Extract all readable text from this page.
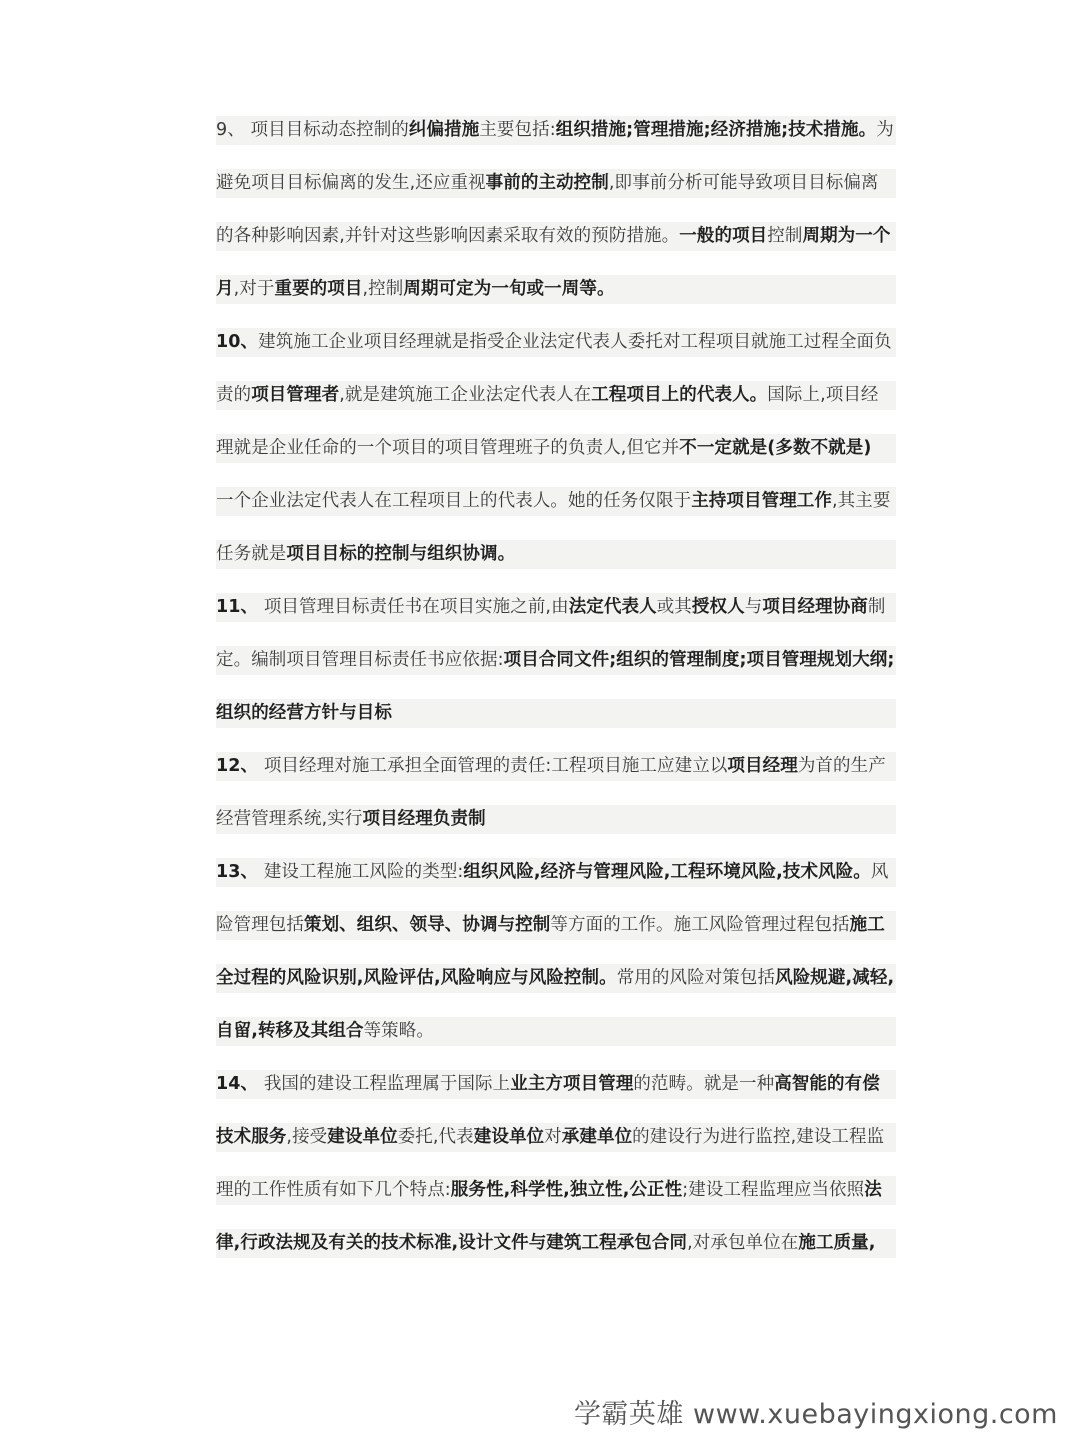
9、 项目目标动态控制的纠偏措施主要包括:组织措施;管理措施;经济措施;技术措施。为
避免项目目标偏离的发生,还应重视事前的主动控制,即事前分析可能导致项目目标偏离
的各种影响因素,并针对这些影响因素采取有效的预防措施。一般的项目控制周期为一个
月,对于重要的项目,控制周期可定为一旬或一周等。
10、建筑施工企业项目经理就是指受企业法定代表人委托对工程项目就施工过程全面负
责的项目管理者,就是建筑施工企业法定代表人在工程项目上的代表人。国际上,项目经
理就是企业任命的一个项目的项目管理班子的负责人,但它并不一定就是(多数不就是)
一个企业法定代表人在工程项目上的代表人。她的任务仅限于主持项目管理工作,其主要
任务就是项目目标的控制与组织协调。
11、 项目管理目标责任书在项目实施之前,由法定代表人或其授权人与项目经理协商制
定。编制项目管理目标责任书应依据:项目合同文件;组织的管理制度;项目管理规划大纲;
组织的经营方针与目标
12、 项目经理对施工承担全面管理的责任:工程项目施工应建立以项目经理为首的生产
经营管理系统,实行项目经理负责制
13、 建设工程施工风险的类型:组织风险,经济与管理风险,工程环境风险,技术风险。风
险管理包括策划、组织、领导、协调与控制等方面的工作。施工风险管理过程包括施工
全过程的风险识别,风险评估,风险响应与风险控制。常用的风险对策包括风险规避,减轻,
自留,转移及其组合等策略。
14、 我国的建设工程监理属于国际上业主方项目管理的范畴。就是一种高智能的有偿
技术服务,接受建设单位委托,代表建设单位对承建单位的建设行为进行监控,建设工程监
理的工作性质有如下几个特点:服务性,科学性,独立性,公正性;建设工程监理应当依照法
律,行政法规及有关的技术标准,设计文件与建筑工程承包合同,对承包单位在施工质量,
学霸英雄 www.xuebayingxiong.com
